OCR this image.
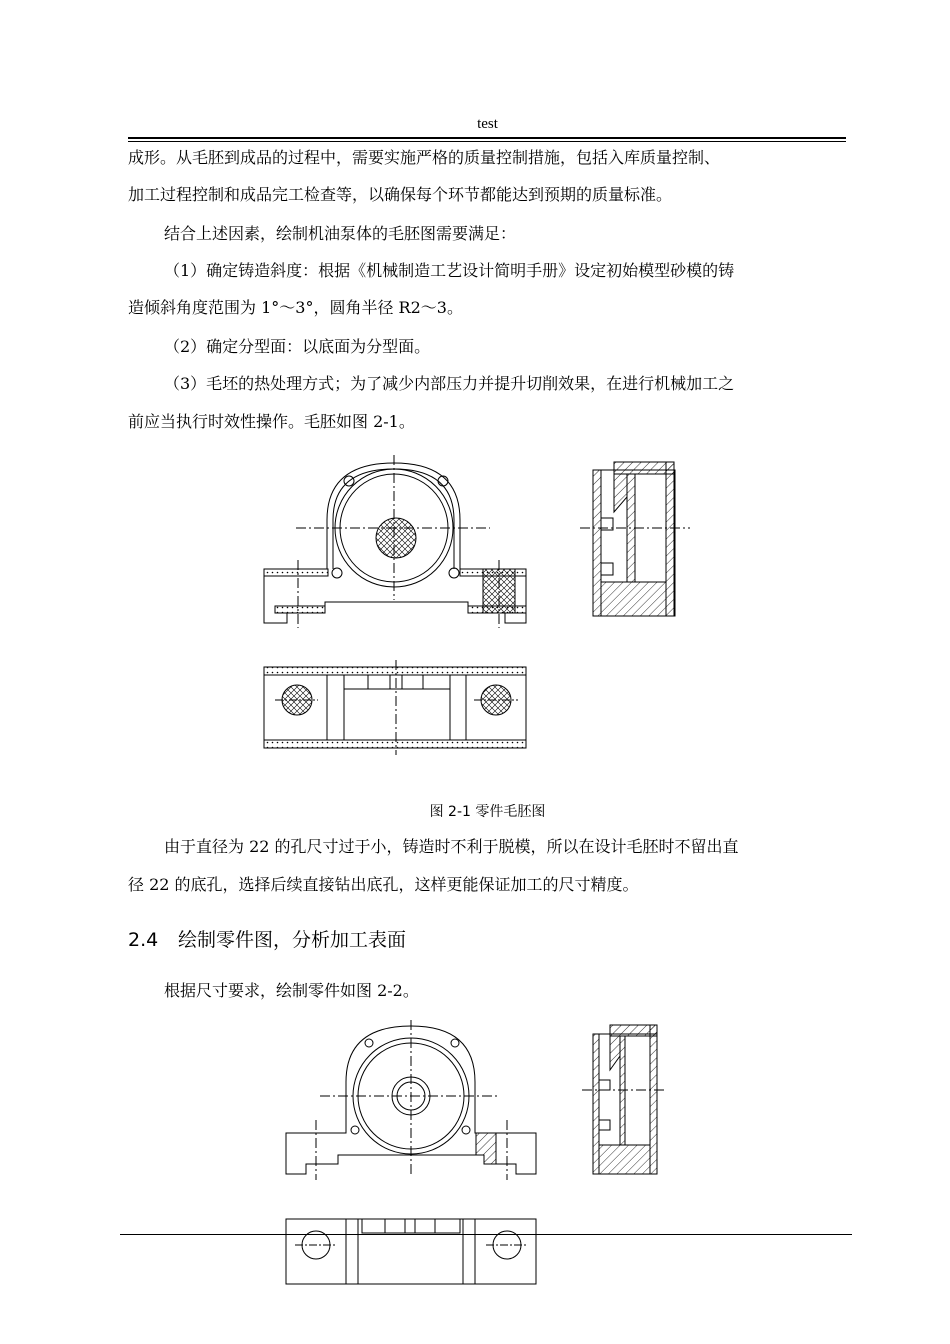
test
成形。从毛胚到成品的过程中，需要实施严格的质量控制措施，包括入库质量控制、
加工过程控制和成品完工检查等，以确保每个环节都能达到预期的质量标准。
结合上述因素，绘制机油泵体的毛胚图需要满足：
（1）确定铸造斜度：根据《机械制造工艺设计简明手册》设定初始模型砂模的铸
造倾斜角度范围为 1°～3°，圆角半径 R2～3。
（2）确定分型面：以底面为分型面。
（3）毛坯的热处理方式；为了减少内部压力并提升切削效果，在进行机械加工之
前应当执行时效性操作。毛胚如图 2-1。
图 2-1 零件毛胚图
由于直径为 22 的孔尺寸过于小，铸造时不利于脱模，所以在设计毛胚时不留出直
径 22 的底孔，选择后续直接钻出底孔，这样更能保证加工的尺寸精度。
2.4 绘制零件图，分析加工表面
根据尺寸要求，绘制零件如图 2-2。
